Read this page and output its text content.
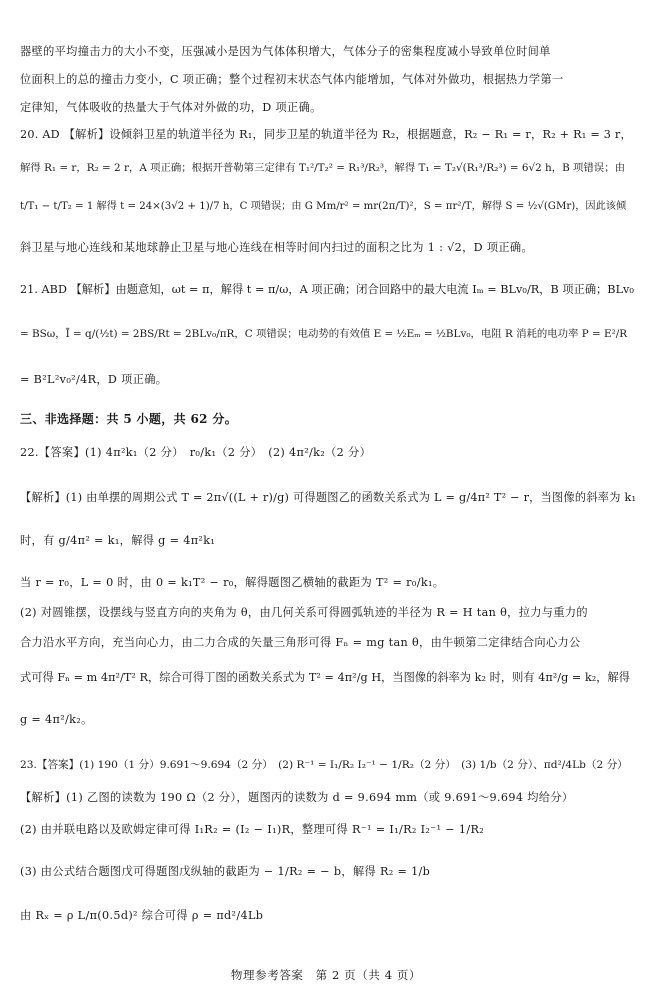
器壁的平均撞击力的大小不变，压强减小是因为气体体积增大，气体分子的密集程度减小导致单位时间单
位面积上的总的撞击力变小，C 项正确；整个过程初末状态气体内能增加，气体对外做功，根据热力学第一
定律知，气体吸收的热量大于气体对外做的功，D 项正确。
20. AD 【解析】设倾斜卫星的轨道半径为 R₁，同步卫星的轨道半径为 R₂，根据题意，R₂ − R₁ = r，R₂ + R₁ = 3 r，
解得 R₁ = r，R₂ = 2 r，A 项正确；根据开普勒第三定律有 T₁²/T₂² = R₁³/R₂³，解得 T₁ = T₂√(R₁³/R₂³) = 6√2 h，B 项错误；由
t/T₁ − t/T₂ = 1 解得 t = 24×(3√2 + 1)/7 h，C 项错误；由 G Mm/r² = mr(2π/T)²，S = πr²/T，解得 S = ½√(GMr)，因此该倾
斜卫星与地心连线和某地球静止卫星与地心连线在相等时间内扫过的面积之比为 1 : √2，D 项正确。
21. ABD 【解析】由题意知，ωt = π，解得 t = π/ω，A 项正确；闭合回路中的最大电流 Iₘ = BLv₀/R，B 项正确；BLv₀
= BSω，Ī = q/(½t) = 2BS/Rt = 2BLv₀/πR，C 项错误；电动势的有效值 E = ½Eₘ = ½BLv₀，电阻 R 消耗的电功率 P = E²/R
= B²L²v₀²/4R，D 项正确。
三、非选择题：共 5 小题，共 62 分。
22.【答案】(1) 4π²k₁（2 分）　r₀/k₁（2 分）　(2) 4π²/k₂（2 分）
【解析】(1) 由单摆的周期公式 T = 2π√((L + r)/g) 可得题图乙的函数关系式为 L = g/4π² T² − r，当图像的斜率为 k₁
时，有 g/4π² = k₁，解得 g = 4π²k₁
当 r = r₀，L = 0 时，由 0 = k₁T² − r₀，解得题图乙横轴的截距为 T² = r₀/k₁。
(2) 对圆锥摆，设摆线与竖直方向的夹角为 θ，由几何关系可得圆弧轨迹的半径为 R = H tan θ，拉力与重力的
合力沿水平方向，充当向心力，由二力合成的矢量三角形可得 Fₙ = mg tan θ，由牛顿第二定律结合向心力公
式可得 Fₙ = m 4π²/T² R，综合可得丁图的函数关系式为 T² = 4π²/g H，当图像的斜率为 k₂ 时，则有 4π²/g = k₂，解得
g = 4π²/k₂。
23.【答案】(1) 190（1 分）9.691～9.694（2 分）　(2) R⁻¹ = I₁/R₂ I₂⁻¹ − 1/R₂（2 分）　(3) 1/b（2 分）、πd²/4Lb（2 分）
【解析】(1) 乙图的读数为 190 Ω（2 分），题图丙的读数为 d = 9.694 mm（或 9.691～9.694 均给分）
(2) 由并联电路以及欧姆定律可得 I₁R₂ = (I₂ − I₁)R，整理可得 R⁻¹ = I₁/R₂ I₂⁻¹ − 1/R₂
(3) 由公式结合题图戊可得题图戊纵轴的截距为 − 1/R₂ = − b，解得 R₂ = 1/b
由 Rₓ = ρ L/π(0.5d)² 综合可得 ρ = πd²/4Lb
物理参考答案　第 2 页（共 4 页）
